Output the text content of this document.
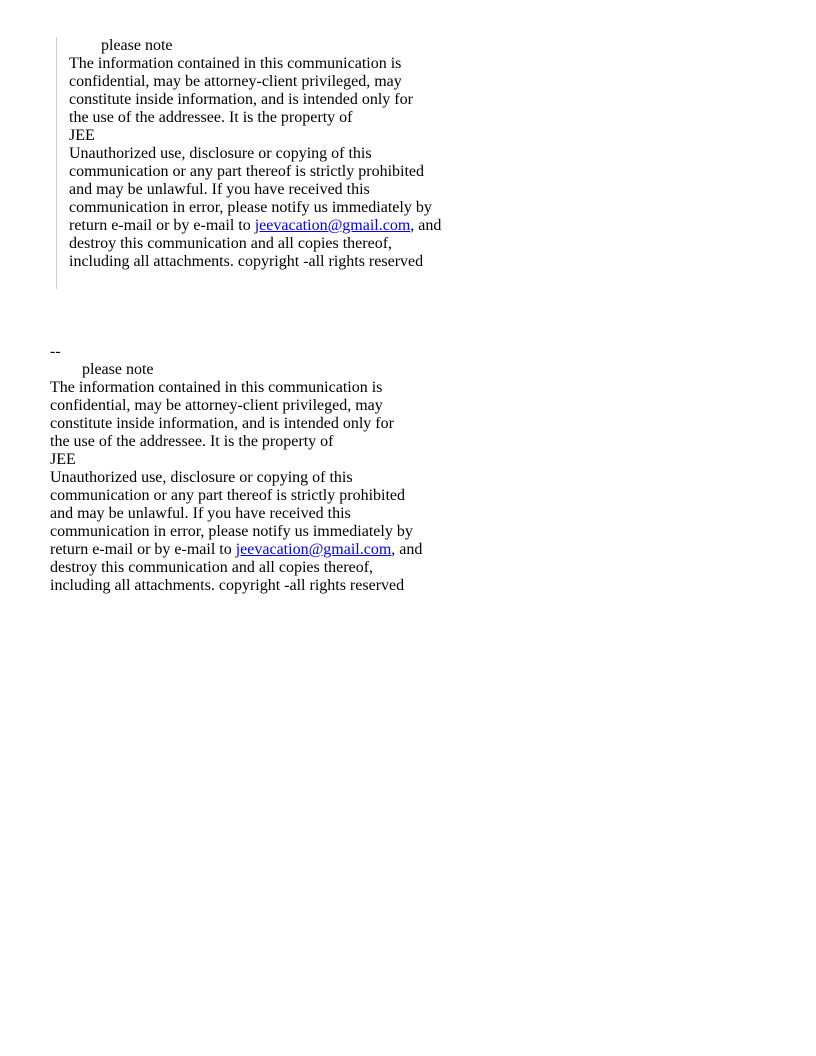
please note
The information contained in this communication is
confidential, may be attorney-client privileged, may
constitute inside information, and is intended only for
the use of the addressee. It is the property of
JEE
Unauthorized use, disclosure or copying of this
communication or any part thereof is strictly prohibited
and may be unlawful. If you have received this
communication in error, please notify us immediately by
return e-mail or by e-mail to jeevacation@gmail.com, and
destroy this communication and all copies thereof,
including all attachments. copyright -all rights reserved
--
please note
The information contained in this communication is
confidential, may be attorney-client privileged, may
constitute inside information, and is intended only for
the use of the addressee. It is the property of
JEE
Unauthorized use, disclosure or copying of this
communication or any part thereof is strictly prohibited
and may be unlawful. If you have received this
communication in error, please notify us immediately by
return e-mail or by e-mail to jeevacation@gmail.com, and
destroy this communication and all copies thereof,
including all attachments. copyright -all rights reserved
